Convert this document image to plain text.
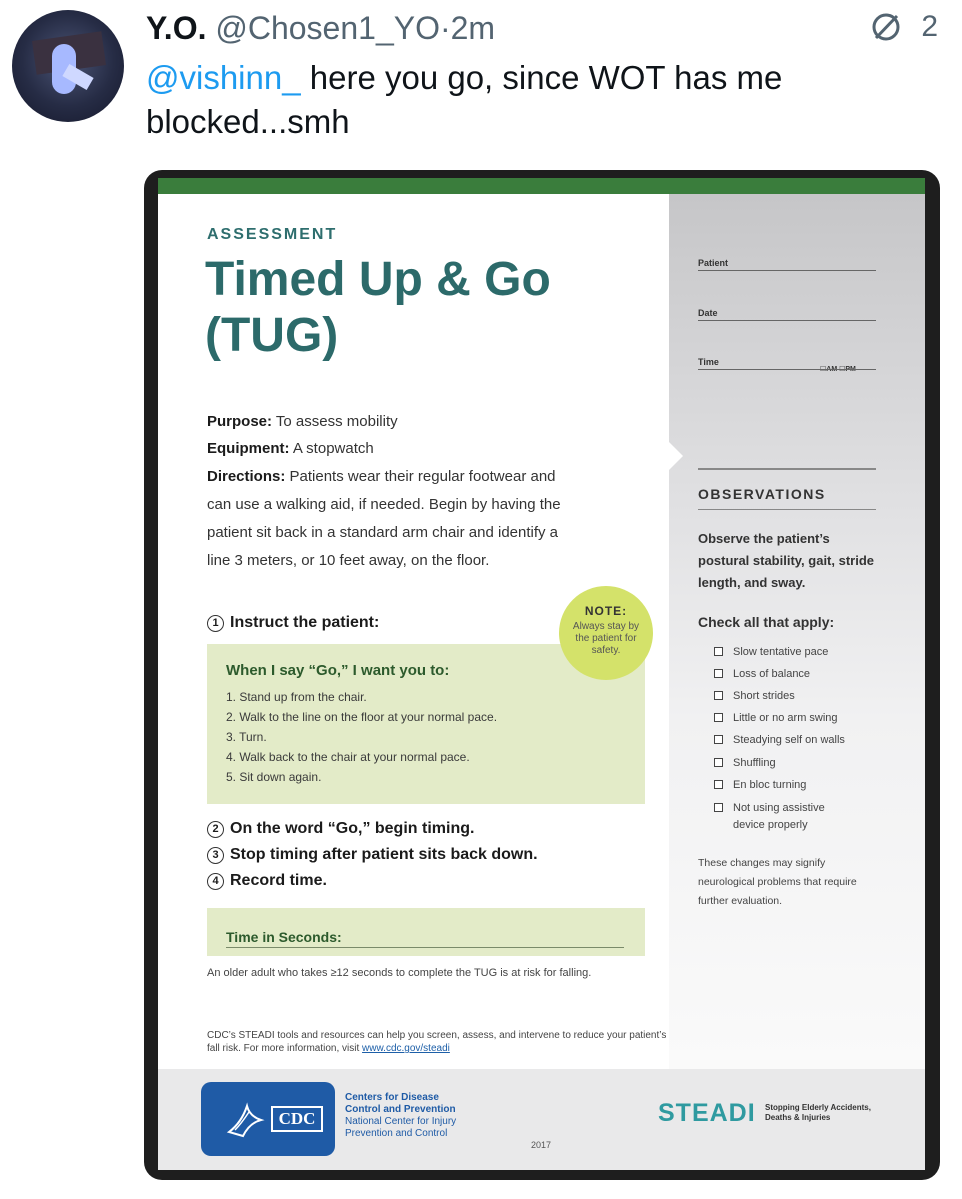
Y.O. @Chosen1_YO·2m	2
@vishinn_ here you go, since WOT has me blocked...smh
ASSESSMENT
Timed Up & Go
(TUG)
Purpose: To assess mobility
Equipment: A stopwatch
Directions: Patients wear their regular footwear and
can use a walking aid, if needed. Begin by having the
patient sit back in a standard arm chair and identify a
line 3 meters, or 10 feet away, on the floor.
1 Instruct the patient:
When I say “Go,” I want you to:
1. Stand up from the chair.
2. Walk to the line on the floor at your normal pace.
3. Turn.
4. Walk back to the chair at your normal pace.
5. Sit down again.
NOTE:
Always stay by the patient for safety.
2 On the word “Go,” begin timing.
3 Stop timing after patient sits back down.
4 Record time.
Time in Seconds:
An older adult who takes ≥12 seconds to complete the TUG is at risk for falling.
CDC’s STEADI tools and resources can help you screen, assess, and intervene to reduce your patient’s fall risk. For more information, visit www.cdc.gov/steadi
Patient
Date
Time
OBSERVATIONS
Observe the patient’s postural stability, gait, stride length, and sway.
Check all that apply:
Slow tentative pace
Loss of balance
Short strides
Little or no arm swing
Steadying self on walls
Shuffling
En bloc turning
Not using assistive
device properly
These changes may signify neurological problems that require further evaluation.
CDC
Centers for Disease
Control and Prevention
National Center for Injury
Prevention and Control
2017
STEADI Stopping Elderly Accidents,
Deaths & Injuries
